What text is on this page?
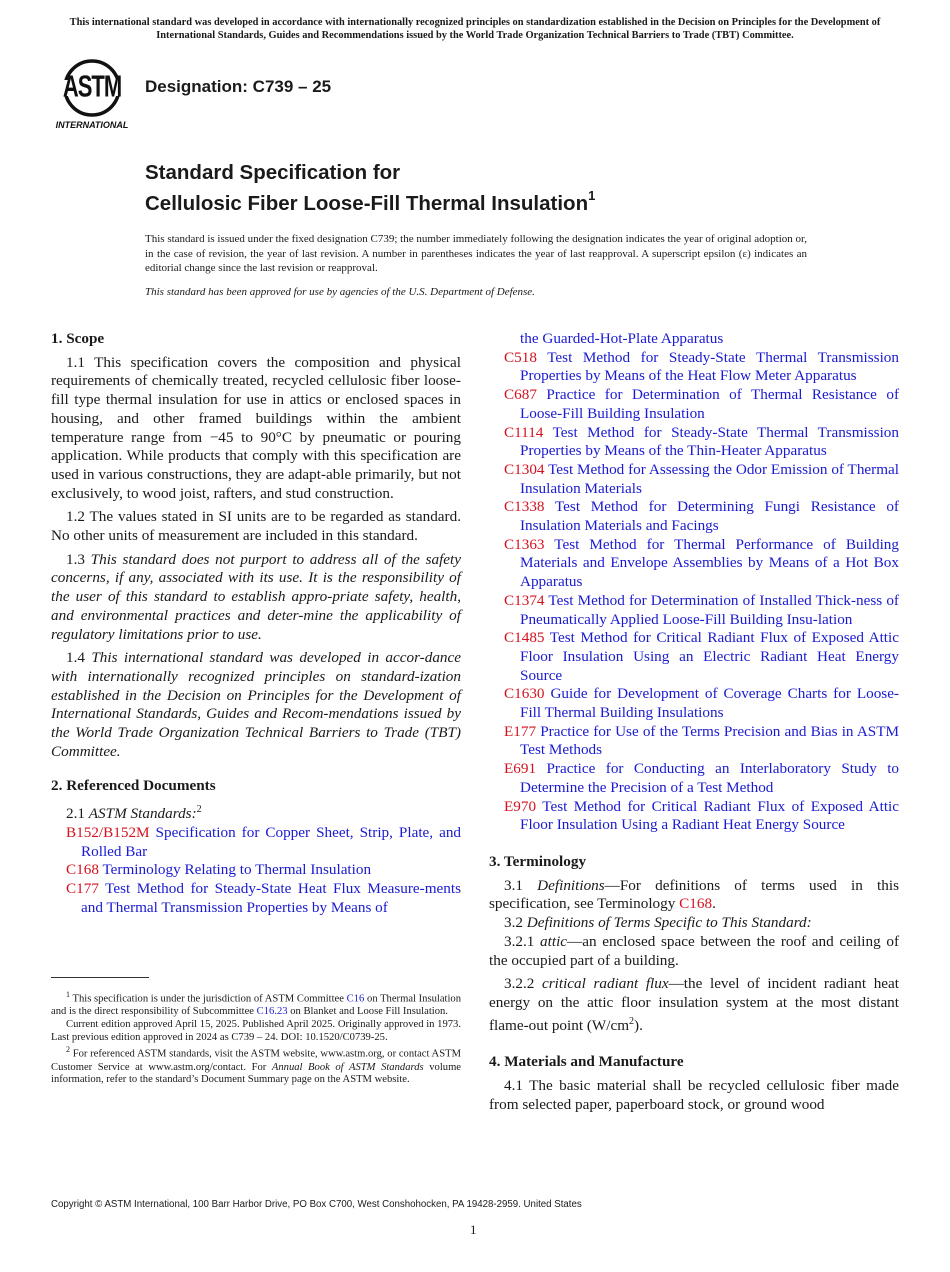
This international standard was developed in accordance with internationally recognized principles on standardization established in the Decision on Principles for the Development of International Standards, Guides and Recommendations issued by the World Trade Organization Technical Barriers to Trade (TBT) Committee.
ASTM
INTERNATIONAL
Designation: C739 – 25
Standard Specification for
Cellulosic Fiber Loose-Fill Thermal Insulation$^1$
This standard is issued under the fixed designation C739; the number immediately following the designation indicates the year of original adoption or, in the case of revision, the year of last revision. A number in parentheses indicates the year of last reapproval. A superscript epsilon (ε) indicates an editorial change since the last revision or reapproval.
This standard has been approved for use by agencies of the U.S. Department of Defense.
1. Scope

1.1 This specification covers the composition and physical requirements of chemically treated, recycled cellulosic fiber loose-fill type thermal insulation for use in attics or enclosed spaces in housing, and other framed buildings within the ambient temperature range from −45 to 90°C by pneumatic or pouring application. While products that comply with this specification are used in various constructions, they are adapt-able primarily, but not exclusively, to wood joist, rafters, and stud construction.

1.2 The values stated in SI units are to be regarded as standard. No other units of measurement are included in this standard.

1.3 This standard does not purport to address all of the safety concerns, if any, associated with its use. It is the responsibility of the user of this standard to establish appro-priate safety, health, and environmental practices and deter-mine the applicability of regulatory limitations prior to use.

1.4 This international standard was developed in accor-dance with internationally recognized principles on standard-ization established in the Decision on Principles for the Development of International Standards, Guides and Recom-mendations issued by the World Trade Organization Technical Barriers to Trade (TBT) Committee.

2. Referenced Documents

2.1 ASTM Standards:$^2$

B152/B152M Specification for Copper Sheet, Strip, Plate, and Rolled Bar

C168 Terminology Relating to Thermal Insulation

C177 Test Method for Steady-State Heat Flux Measure-ments and Thermal Transmission Properties by Means of

the Guarded-Hot-Plate Apparatus

C518 Test Method for Steady-State Thermal Transmission Properties by Means of the Heat Flow Meter Apparatus

C687 Practice for Determination of Thermal Resistance of Loose-Fill Building Insulation

C1114 Test Method for Steady-State Thermal Transmission Properties by Means of the Thin-Heater Apparatus

C1304 Test Method for Assessing the Odor Emission of Thermal Insulation Materials

C1338 Test Method for Determining Fungi Resistance of Insulation Materials and Facings

C1363 Test Method for Thermal Performance of Building Materials and Envelope Assemblies by Means of a Hot Box Apparatus

C1374 Test Method for Determination of Installed Thick-ness of Pneumatically Applied Loose-Fill Building Insu-lation

C1485 Test Method for Critical Radiant Flux of Exposed Attic Floor Insulation Using an Electric Radiant Heat Energy Source

C1630 Guide for Development of Coverage Charts for Loose-Fill Thermal Building Insulations

E177 Practice for Use of the Terms Precision and Bias in ASTM Test Methods

E691 Practice for Conducting an Interlaboratory Study to Determine the Precision of a Test Method

E970 Test Method for Critical Radiant Flux of Exposed Attic Floor Insulation Using a Radiant Heat Energy Source

3. Terminology

3.1 Definitions—For definitions of terms used in this specification, see Terminology C168.

3.2 Definitions of Terms Specific to This Standard:

3.2.1 attic—an enclosed space between the roof and ceiling of the occupied part of a building.

3.2.2 critical radiant flux—the level of incident radiant heat energy on the attic floor insulation system at the most distant flame-out point $(W/cm^2)$.

4. Materials and Manufacture

4.1 The basic material shall be recycled cellulosic fiber made from selected paper, paperboard stock, or ground wood

$^1$ This specification is under the jurisdiction of ASTM Committee C16 on Thermal Insulation and is the direct responsibility of Subcommittee C16.23 on Blanket and Loose Fill Insulation.

Current edition approved April 15, 2025. Published April 2025. Originally approved in 1973. Last previous edition approved in 2024 as C739 – 24. DOI: 10.1520/C0739-25.

$^2$ For referenced ASTM standards, visit the ASTM website, www.astm.org, or contact ASTM Customer Service at www.astm.org/contact. For Annual Book of ASTM Standards volume information, refer to the standard’s Document Summary page on the ASTM website.

Copyright © ASTM International, 100 Barr Harbor Drive, PO Box C700, West Conshohocken, PA 19428-2959. United States
1
